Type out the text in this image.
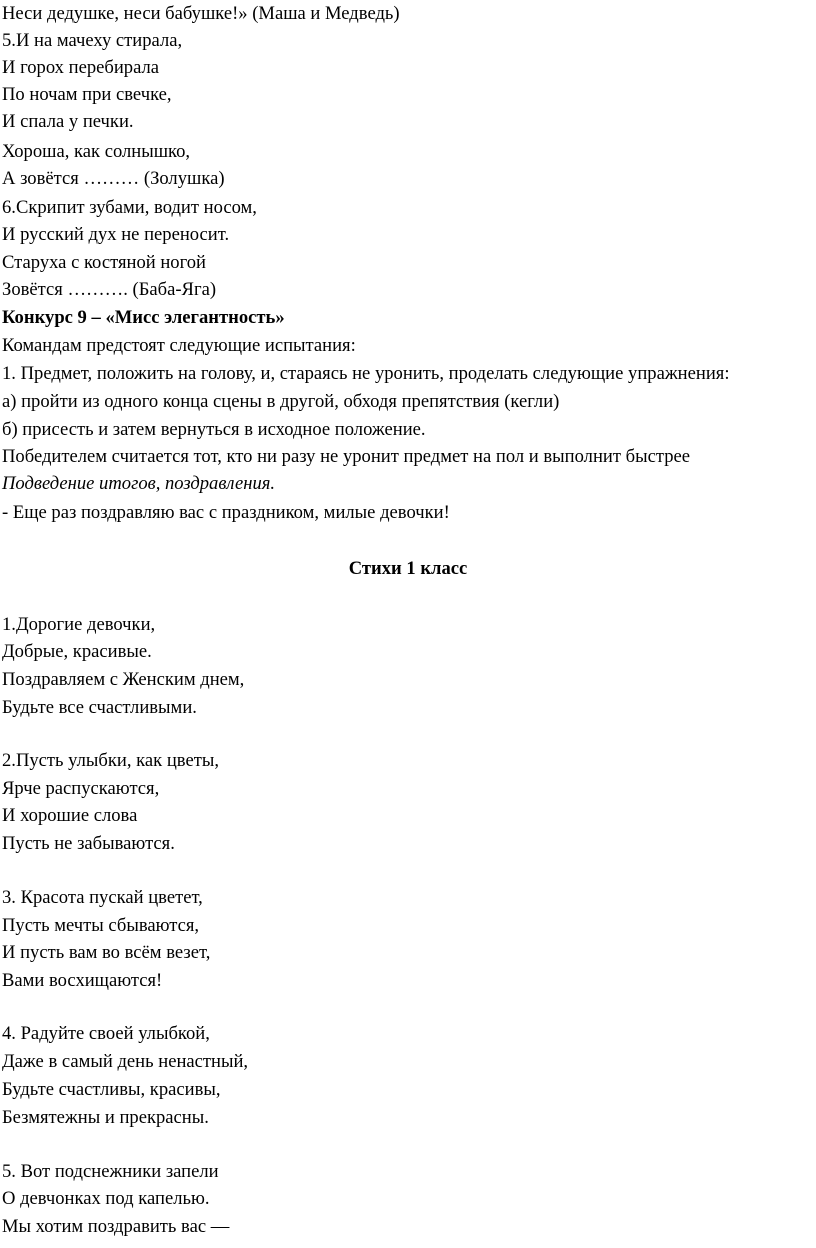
Неси дедушке, неси бабушке!» (Маша и Медведь)
5.И на мачеху стирала,
И горох перебирала
По ночам при свечке,
И спала у печки.
Хороша, как солнышко,
А зовётся ……… (Золушка)
6.Скрипит зубами, водит носом,
И русский дух не переносит.
Старуха с костяной ногой
Зовётся ………. (Баба-Яга)
Конкурс 9 – «Мисс элегантность»
Командам предстоят следующие испытания:
1. Предмет, положить на голову, и, стараясь не уронить, проделать следующие упражнения:
а) пройти из одного конца сцены в другой, обходя препятствия (кегли)
б) присесть и затем вернуться в исходное положение.
Победителем считается тот, кто ни разу не уронит предмет на пол и выполнит быстрее
Подведение итогов, поздравления.
- Еще раз поздравляю вас с праздником, милые девочки!
Стихи 1 класс
1.Дорогие девочки,
Добрые, красивые.
Поздравляем с Женским днем,
Будьте все счастливыми.
2.Пусть улыбки, как цветы,
Ярче распускаются,
И хорошие слова
Пусть не забываются.
3. Красота пускай цветет,
Пусть мечты сбываются,
И пусть вам во всём везет,
Вами восхищаются!
4. Радуйте своей улыбкой,
Даже в самый день ненастный,
Будьте счастливы, красивы,
Безмятежны и прекрасны.
5. Вот подснежники запели
О девчонках под капелью.
Мы хотим поздравить вас —
